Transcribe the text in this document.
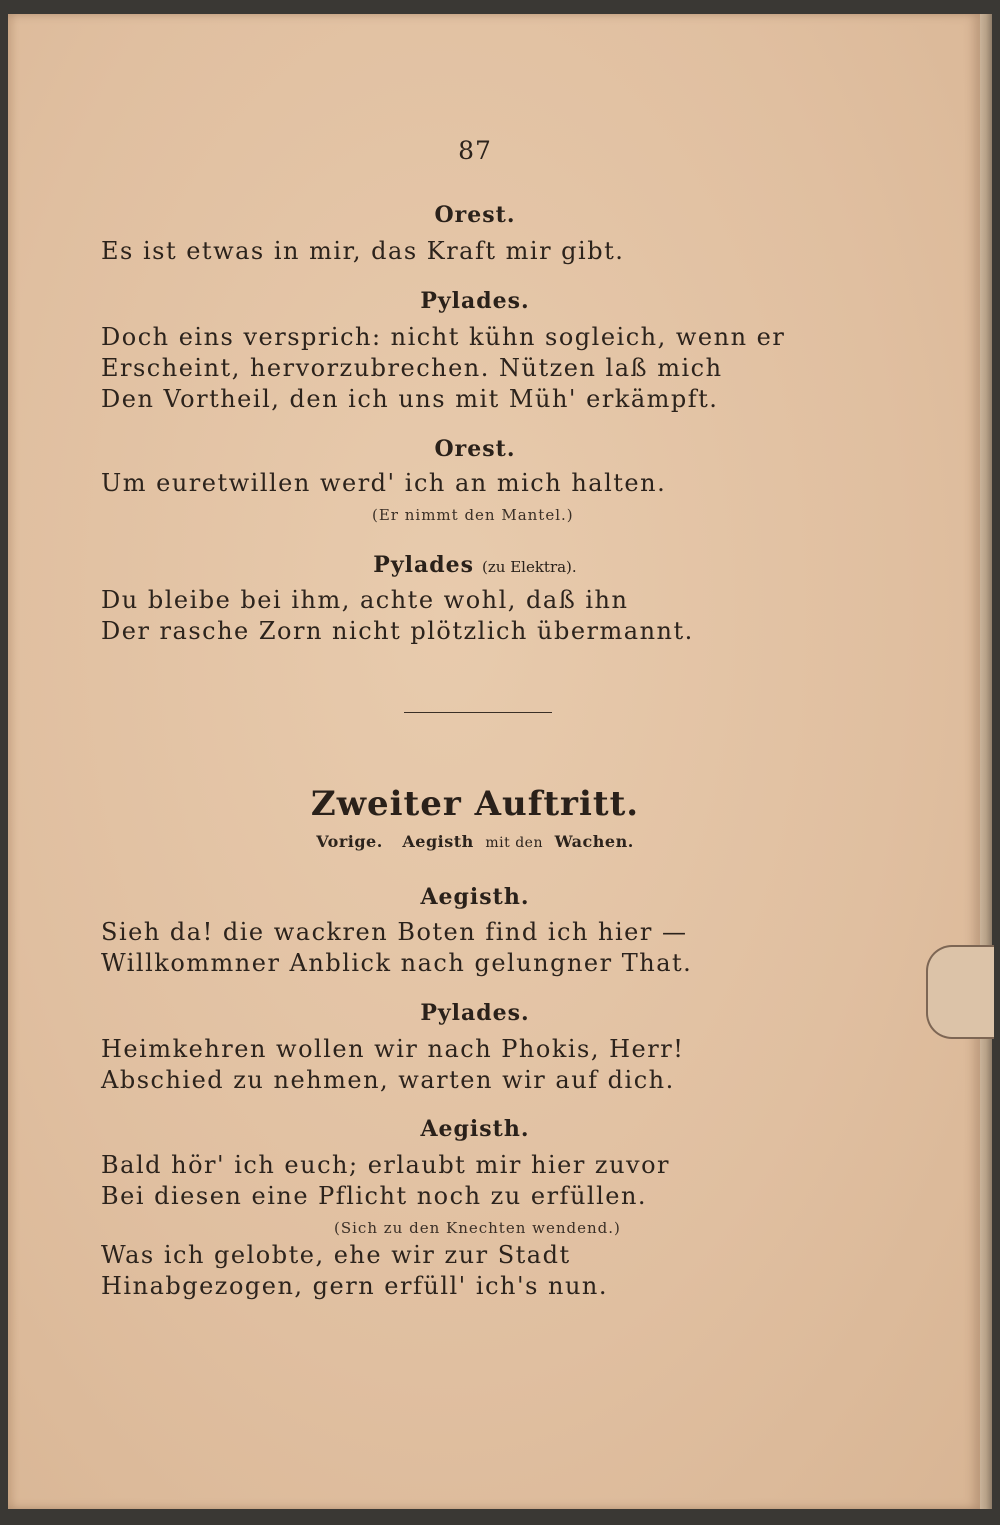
87
Orest.
Es ist etwas in mir, das Kraft mir gibt.
Pylades.
Doch eins versprich: nicht kühn sogleich, wenn er
Erscheint, hervorzubrechen. Nützen laß mich
Den Vortheil, den ich uns mit Müh' erkämpft.
Orest.
Um euretwillen werd' ich an mich halten.
(Er nimmt den Mantel.)
Pylades (zu Elektra).
Du bleibe bei ihm, achte wohl, daß ihn
Der rasche Zorn nicht plötzlich übermannt.
Zweiter Auftritt.
Vorige. Aegisth mit den Wachen.
Aegisth.
Sieh da! die wackren Boten find ich hier —
Willkommner Anblick nach gelungner That.
Pylades.
Heimkehren wollen wir nach Phokis, Herr!
Abschied zu nehmen, warten wir auf dich.
Aegisth.
Bald hör' ich euch; erlaubt mir hier zuvor
Bei diesen eine Pflicht noch zu erfüllen.
(Sich zu den Knechten wendend.)
Was ich gelobte, ehe wir zur Stadt
Hinabgezogen, gern erfüll' ich's nun.
